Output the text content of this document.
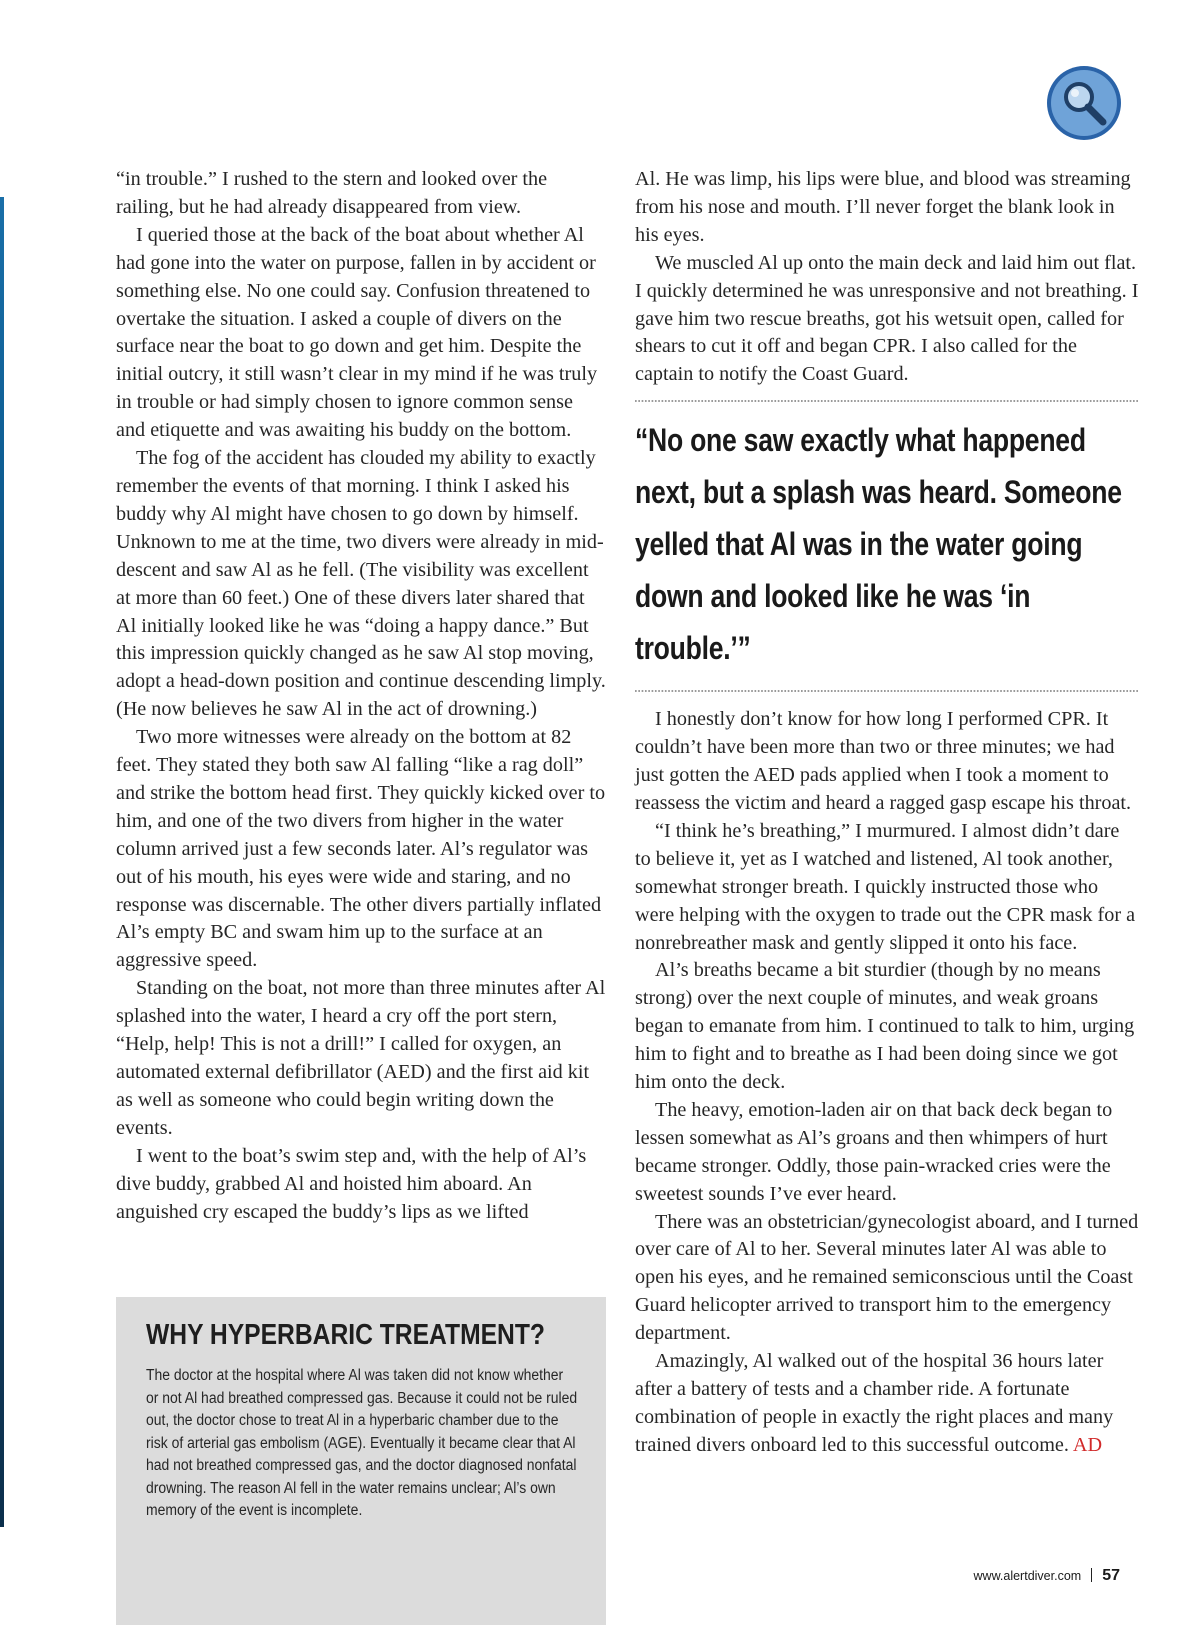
“in trouble.” I rushed to the stern and looked over the railing, but he had already disappeared from view.

I queried those at the back of the boat about whether Al had gone into the water on purpose, fallen in by accident or something else. No one could say. Confusion threatened to overtake the situation. I asked a couple of divers on the surface near the boat to go down and get him. Despite the initial outcry, it still wasn’t clear in my mind if he was truly in trouble or had simply chosen to ignore common sense and etiquette and was awaiting his buddy on the bottom.

The fog of the accident has clouded my ability to exactly remember the events of that morning. I think I asked his buddy why Al might have chosen to go down by himself. Unknown to me at the time, two divers were already in mid-descent and saw Al as he fell. (The visibility was excellent at more than 60 feet.) One of these divers later shared that Al initially looked like he was “doing a happy dance.” But this impression quickly changed as he saw Al stop moving, adopt a head-down position and continue descending limply. (He now believes he saw Al in the act of drowning.)

Two more witnesses were already on the bottom at 82 feet. They stated they both saw Al falling “like a rag doll” and strike the bottom head first. They quickly kicked over to him, and one of the two divers from higher in the water column arrived just a few seconds later. Al’s regulator was out of his mouth, his eyes were wide and staring, and no response was discernable. The other divers partially inflated Al’s empty BC and swam him up to the surface at an aggressive speed.

Standing on the boat, not more than three minutes after Al splashed into the water, I heard a cry off the port stern, “Help, help! This is not a drill!” I called for oxygen, an automated external defibrillator (AED) and the first aid kit as well as someone who could begin writing down the events.

I went to the boat’s swim step and, with the help of Al’s dive buddy, grabbed Al and hoisted him aboard. An anguished cry escaped the buddy’s lips as we lifted

WHY HYPERBARIC TREATMENT?
The doctor at the hospital where Al was taken did not know whether or not Al had breathed compressed gas. Because it could not be ruled out, the doctor chose to treat Al in a hyperbaric chamber due to the risk of arterial gas embolism (AGE). Eventually it became clear that Al had not breathed compressed gas, and the doctor diagnosed nonfatal drowning. The reason Al fell in the water remains unclear; Al’s own memory of the event is incomplete.

Al. He was limp, his lips were blue, and blood was streaming from his nose and mouth. I’ll never forget the blank look in his eyes.

We muscled Al up onto the main deck and laid him out flat. I quickly determined he was unresponsive and not breathing. I gave him two rescue breaths, got his wetsuit open, called for shears to cut it off and began CPR. I also called for the captain to notify the Coast Guard.

“No one saw exactly what happened next, but a splash was heard. Someone yelled that Al was in the water going down and looked like he was ‘in trouble.’”

I honestly don’t know for how long I performed CPR. It couldn’t have been more than two or three minutes; we had just gotten the AED pads applied when I took a moment to reassess the victim and heard a ragged gasp escape his throat.

“I think he’s breathing,” I murmured. I almost didn’t dare to believe it, yet as I watched and listened, Al took another, somewhat stronger breath. I quickly instructed those who were helping with the oxygen to trade out the CPR mask for a nonrebreather mask and gently slipped it onto his face.

Al’s breaths became a bit sturdier (though by no means strong) over the next couple of minutes, and weak groans began to emanate from him. I continued to talk to him, urging him to fight and to breathe as I had been doing since we got him onto the deck.

The heavy, emotion-laden air on that back deck began to lessen somewhat as Al’s groans and then whimpers of hurt became stronger. Oddly, those pain-wracked cries were the sweetest sounds I’ve ever heard.

There was an obstetrician/gynecologist aboard, and I turned over care of Al to her. Several minutes later Al was able to open his eyes, and he remained semiconscious until the Coast Guard helicopter arrived to transport him to the emergency department.

Amazingly, Al walked out of the hospital 36 hours later after a battery of tests and a chamber ride. A fortunate combination of people in exactly the right places and many trained divers onboard led to this successful outcome. AD

www.alertdiver.com 57
